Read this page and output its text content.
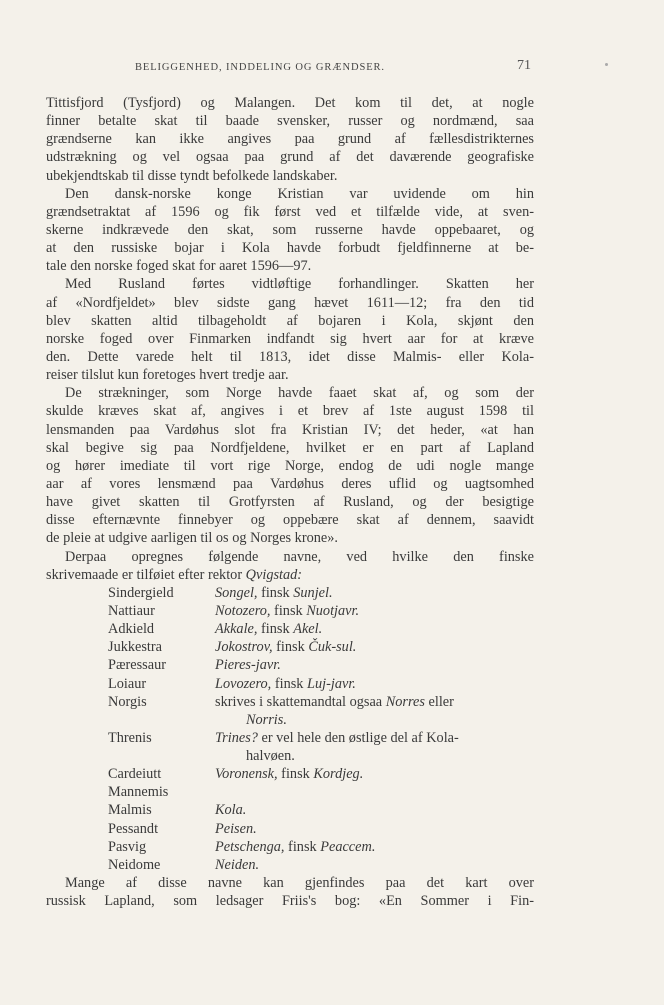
BELIGGENHED, INDDELING OG GRÆNDSER.	71
Tittisfjord (Tysfjord) og Malangen. Det kom til det, at nogle
finner betalte skat til baade svensker, russer og nordmænd, saa
grændserne kan ikke angives paa grund af fællesdistrikternes
udstrækning og vel ogsaa paa grund af det daværende geografiske
ubekjendtskab til disse tyndt befolkede landskaber.
Den dansk-norske konge Kristian var uvidende om hin
grændsetraktat af 1596 og fik først ved et tilfælde vide, at sven-
skerne indkrævede den skat, som russerne havde oppebaaret, og
at den russiske bojar i Kola havde forbudt fjeldfinnerne at be-
tale den norske foged skat for aaret 1596—97.
Med Rusland førtes vidtløftige forhandlinger. Skatten her
af «Nordfjeldet» blev sidste gang hævet 1611—12; fra den tid
blev skatten altid tilbageholdt af bojaren i Kola, skjønt den
norske foged over Finmarken indfandt sig hvert aar for at kræve
den. Dette varede helt til 1813, idet disse Malmis- eller Kola-
reiser tilslut kun foretoges hvert tredje aar.
De strækninger, som Norge havde faaet skat af, og som der
skulde kræves skat af, angives i et brev af 1ste august 1598 til
lensmanden paa Vardøhus slot fra Kristian IV; det heder, «at han
skal begive sig paa Nordfjeldene, hvilket er en part af Lapland
og hører imediate til vort rige Norge, endog de udi nogle mange
aar af vores lensmænd paa Vardøhus deres uflid og uagtsomhed
have givet skatten til Grotfyrsten af Rusland, og der besigtige
disse efternævnte finnebyer og oppebære skat af dennem, saavidt
de pleie at udgive aarligen til os og Norges krone».
Derpaa opregnes følgende navne, ved hvilke den finske
skrivemaade er tilføiet efter rektor Qvigstad:
Sindergield	Songel, finsk Sunjel.
Nattiaur	Notozero, finsk Nuotjavr.
Adkield	Akkale, finsk Akel.
Jukkestra	Jokostrov, finsk Čuk-sul.
Pæressaur	Pieres-javr.
Loiaur	Lovozero, finsk Luj-javr.
Norgis	skrives i skattemandtal ogsaa Norres eller
Norris.
Threnis	Trines? er vel hele den østlige del af Kola-
halvøen.
Cardeiutt	Voronensk, finsk Kordjeg.
Mannemis
Malmis	Kola.
Pessandt	Peisen.
Pasvig	Petschenga, finsk Peaccem.
Neidome	Neiden.
Mange af disse navne kan gjenfindes paa det kart over
russisk Lapland, som ledsager Friis's bog: «En Sommer i Fin-
